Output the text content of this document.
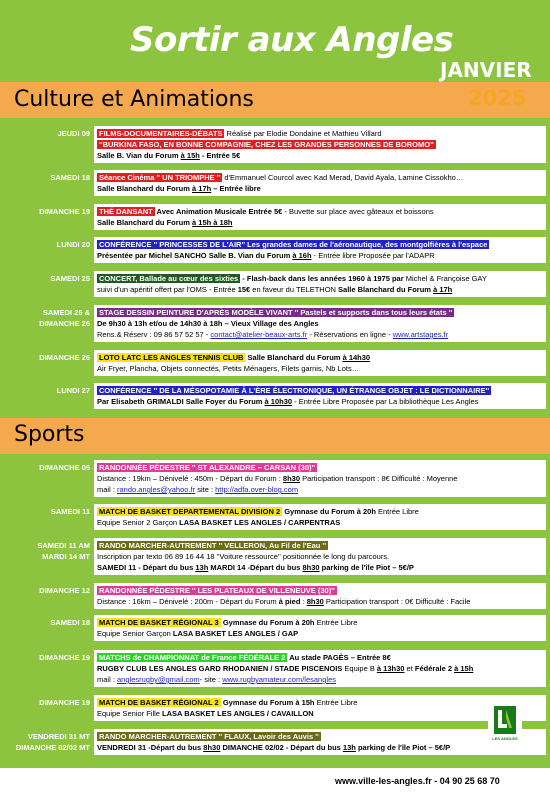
Sortir aux Angles
JANVIER
2025
Culture et Animations
JEUDI 09 FILMS-DOCUMENTAIRES-DÉBATS Réalisé par Elodie Dondaine et Mathieu Villard
''BURKINA FASO, EN BONNE COMPAGNIE, CHEZ LES GRANDES PERSONNES DE BOROMO''
Salle B. Vian du Forum à 15h - Entrée 5€
SAMEDI 18 Séance Cinéma '' UN TRIOMPHE '' d'Emmanuel Courcol avec Kad Merad, David Ayala, Lamine Cissokho…
Salle Blanchard du Forum à 17h – Entrée libre
DIMANCHE 19 THÉ DANSANT Avec Animation Musicale Entrée 5€ - Buvette sur place avec gâteaux et boissons
Salle Blanchard du Forum à 15h à 18h
LUNDI 20 CONFÉRENCE '' PRINCESSES DE L'AIR'' Les grandes dames de l'aéronautique, des montgolfières à l'espace
Présentée par Michel SANCHO Salle B. Vian du Forum à 16h - Entrée libre Proposée par l'ADAPR
SAMEDI 25 CONCERT, Ballade au cœur des sixties - Flash-back dans les années 1960 à 1975 par Michel & Françoise GAY
suivi d'un apéritif offert par l'OMS - Entrée 15€ en faveur du TELETHON Salle Blanchard du Forum à 17h
SAMEDI 25 &
DIMANCHE 26
STAGE DESSIN PEINTURE D'APRÈS MODÈLE VIVANT '' Pastels et supports dans tous leurs états ''
De 9h30 à 13h et/ou de 14h30 à 18h – Vieux Village des Angles
Rens.& Réserv : 09 86 57 52 57 - contact@atelier-beaux-arts.fr - Réservations en ligne - www.artstages.fr
DIMANCHE 26 LOTO LATC LES ANGLES TENNIS CLUB Salle Blanchard du Forum à 14h30
Air Fryer, Plancha, Objets connectés, Petits Ménagers, Filets garnis, Nb Lots…
LUNDI 27 CONFÉRENCE '' DE LA MÉSOPOTAMIE À L'ÈRE ÉLECTRONIQUE, UN ÉTRANGE OBJET : LE DICTIONNAIRE''
Par Elisabeth GRIMALDI Salle Foyer du Forum à 10h30 - Entrée Libre Proposée par La bibliothèque Les Angles
Sports
DIMANCHE 05 RANDONNÉE PÉDESTRE '' ST ALEXANDRE – CARSAN (30)''
Distance : 19km – Dénivelé : 450m - Départ du Forum : 8h30 Participation transport : 8€ Difficulté : Moyenne
mail : rando.angles@yahoo.fr site : http://adfa.over-blog.com
SAMEDI 11 MATCH DE BASKET DEPARTEMENTAL DIVISION 2 Gymnase du Forum à 20h Entrée Libre
Equipe Senior 2 Garçon LASA BASKET LES ANGLES / CARPENTRAS
SAMEDI 11 AM
MARDI 14 MT
RANDO MARCHER-AUTREMENT '' VELLERON, Au Fil de l'Eau ''
Inscription par texto 06 89 16 44 18 ''Voiture ressource'' positionnée le long du parcours.
SAMEDI 11 - Départ du bus 13h MARDI 14 -Départ du bus 8h30 parking de l'île Piot – 5€/P
DIMANCHE 12 RANDONNÉE PÉDESTRE '' LES PLATEAUX DE VILLENEUVE (30)''
Distance : 16km – Dénivelé : 200m - Départ du Forum à pied : 8h30 Participation transport : 0€ Difficulté : Facile
SAMEDI 18 MATCH DE BASKET RÉGIONAL 3 Gymnase du Forum à 20h Entrée Libre
Equipe Senior Garçon LASA BASKET LES ANGLES / GAP
DIMANCHE 19 MATCHS de CHAMPIONNAT de France FÉDÉRALE 2 Au stade PAGÈS – Entrée 8€
RUGBY CLUB LES ANGLES GARD RHODANIEN / STADE PISCENOIS Equipe B à 13h30 et Fédérale 2 à 15h
mail : anglesrugby@gmail.com- site : www.rugbyamateur.com/lesangles
DIMANCHE 19 MATCH DE BASKET RÉGIONAL 2 Gymnase du Forum à 15h Entrée Libre
Equipe Senior Fille LASA BASKET LES ANGLES / CAVAILLON
VENDREDI 31 MT
DIMANCHE 02/02 MT
RANDO MARCHER-AUTREMENT '' FLAUX, Lavoir des Auvis ''
VENDREDI 31 -Départ du bus 8h30 DIMANCHE 02/02 - Départ du bus 13h parking de l'île Piot – 5€/P
LES ANGLES
www.ville-les-angles.fr - 04 90 25 68 70
